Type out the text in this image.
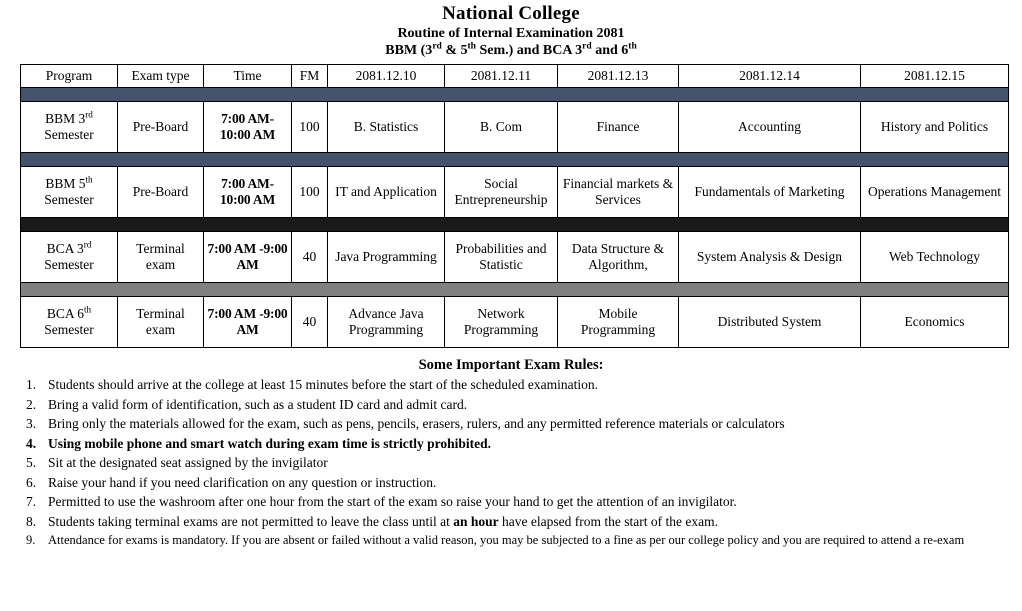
National College
Routine of Internal Examination 2081
BBM (3rd & 5th Sem.) and BCA 3rd and 6th
Program	Exam type	Time	FM	2081.12.10	2081.12.11	2081.12.13	2081.12.14	2081.12.15

BBM 3rd
Semester	Pre-Board	7:00 AM- 10:00 AM	100	B. Statistics	B. Com	Finance	Accounting	History and Politics

BBM 5th
Semester	Pre-Board	7:00 AM- 10:00 AM	100	IT and Application	Social Entrepreneurship	Financial markets & Services	Fundamentals of Marketing	Operations Management

BCA 3rd
Semester	Terminal exam	7:00 AM -9:00 AM	40	Java Programming	Probabilities and Statistic	Data Structure & Algorithm,	System Analysis & Design	Web Technology

BCA 6th
Semester	Terminal exam	7:00 AM -9:00 AM	40	Advance Java Programming	Network Programming	Mobile Programming	Distributed System	Economics
Some Important Exam Rules:
Students should arrive at the college at least 15 minutes before the start of the scheduled examination.
Bring a valid form of identification, such as a student ID card and admit card.
Bring only the materials allowed for the exam, such as pens, pencils, erasers, rulers, and any permitted reference materials or calculators
Using mobile phone and smart watch during exam time is strictly prohibited.
Sit at the designated seat assigned by the invigilator
Raise your hand if you need clarification on any question or instruction.
Permitted to use the washroom after one hour from the start of the exam so raise your hand to get the attention of an invigilator.
Students taking terminal exams are not permitted to leave the class until at an hour have elapsed from the start of the exam.
Attendance for exams is mandatory. If you are absent or failed without a valid reason, you may be subjected to a fine as per our college policy and you are required to attend a re-exam
